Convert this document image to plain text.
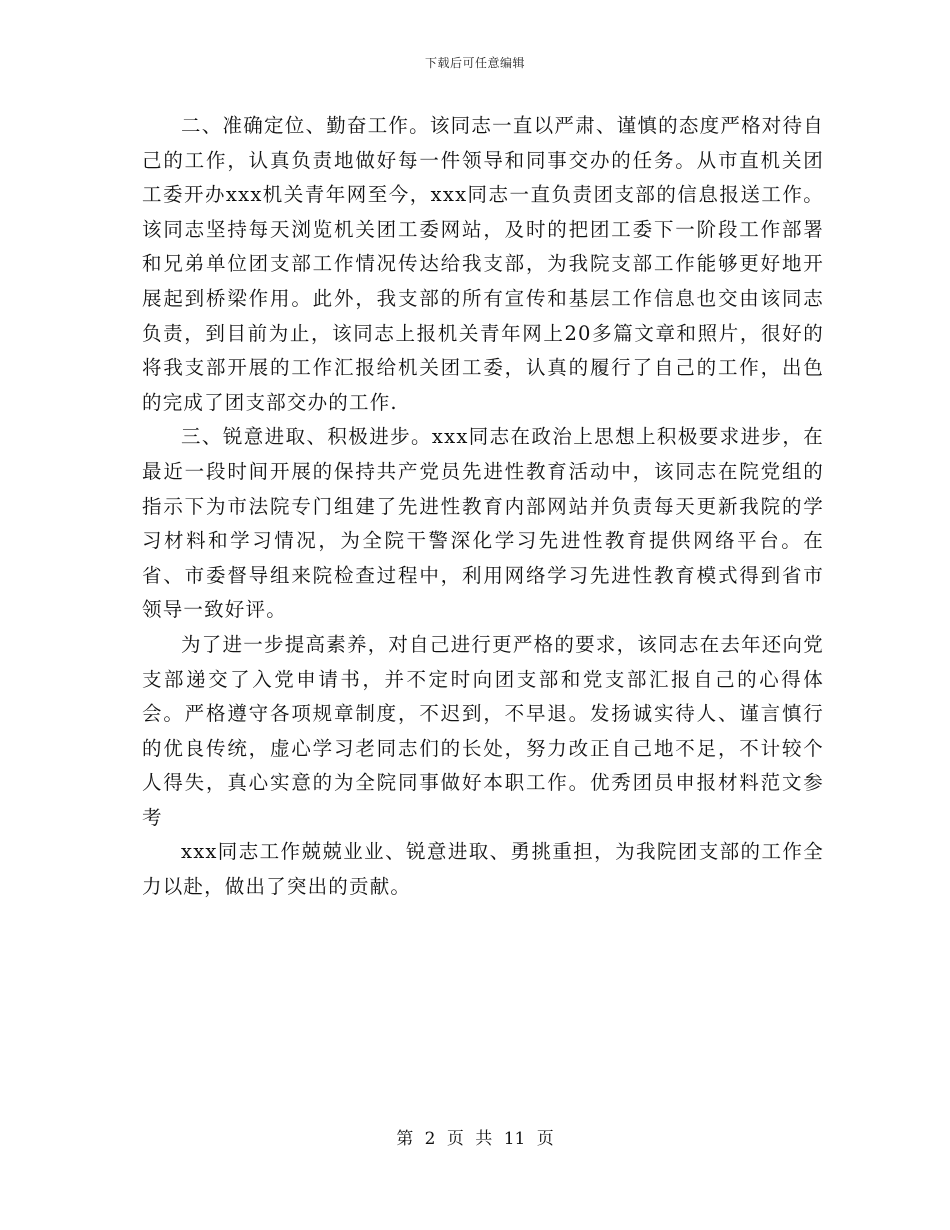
下载后可任意编辑

二、准确定位、勤奋工作。该同志一直以严肃、谨慎的态度严格对待自己的工作，认真负责地做好每一件领导和同事交办的任务。从市直机关团工委开办xxx机关青年网至今，xxx同志一直负责团支部的信息报送工作。该同志坚持每天浏览机关团工委网站，及时的把团工委下一阶段工作部署和兄弟单位团支部工作情况传达给我支部，为我院支部工作能够更好地开展起到桥梁作用。此外，我支部的所有宣传和基层工作信息也交由该同志负责，到目前为止，该同志上报机关青年网上20多篇文章和照片，很好的将我支部开展的工作汇报给机关团工委，认真的履行了自己的工作，出色的完成了团支部交办的工作.

三、锐意进取、积极进步。xxx同志在政治上思想上积极要求进步，在最近一段时间开展的保持共产党员先进性教育活动中，该同志在院党组的指示下为市法院专门组建了先进性教育内部网站并负责每天更新我院的学习材料和学习情况，为全院干警深化学习先进性教育提供网络平台。在省、市委督导组来院检查过程中，利用网络学习先进性教育模式得到省市领导一致好评。

为了进一步提高素养，对自己进行更严格的要求，该同志在去年还向党支部递交了入党申请书，并不定时向团支部和党支部汇报自己的心得体会。严格遵守各项规章制度，不迟到，不早退。发扬诚实待人、谨言慎行的优良传统，虚心学习老同志们的长处，努力改正自己地不足，不计较个人得失，真心实意的为全院同事做好本职工作。优秀团员申报材料范文参考

xxx同志工作兢兢业业、锐意进取、勇挑重担，为我院团支部的工作全力以赴，做出了突出的贡献。

第 2 页 共 11 页
